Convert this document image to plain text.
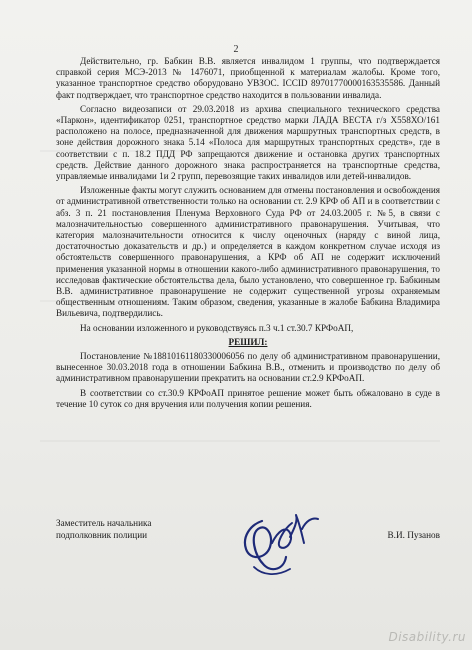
2

Действительно, гр. Бабкин В.В. является инвалидом 1 группы, что подтверждается справкой серия МСЭ-2013 № 1476071, приобщенной к материалам жалобы. Кроме того, указанное транспортное средство оборудовано УВЗОС. ICCID 89701770000163535586. Данный факт подтверждает, что транспортное средство находится в пользовании инвалида.

Согласно видеозаписи от 29.03.2018 из архива специального технического средства «Паркон», идентификатор 0251, транспортное средство марки ЛАДА ВЕСТА г/з Х558ХО/161 расположено на полосе, предназначенной для движения маршрутных транспортных средств, в зоне действия дорожного знака 5.14 «Полоса для маршрутных транспортных средств», где в соответствии с п. 18.2 ПДД РФ запрещаются движение и остановка других транспортных средств. Действие данного дорожного знака распространяется на транспортные средства, управляемые инвалидами 1и 2 групп, перевозящие таких инвалидов или детей-инвалидов.

Изложенные факты могут служить основанием для отмены постановления и освобождения от административной ответственности только на основании ст. 2.9 КРФ об АП и в соответствии с абз. 3 п. 21 постановления Пленума Верховного Суда РФ от 24.03.2005 г. №5, в связи с малозначительностью совершенного административного правонарушения. Учитывая, что категория малозначительности относится к числу оценочных (наряду с виной лица, достаточностью доказательств и др.) и определяется в каждом конкретном случае исходя из обстоятельств совершенного правонарушения, а КРФ об АП не содержит исключений применения указанной нормы в отношении какого-либо административного правонарушения, то исследовав фактические обстоятельства дела, было установлено, что совершенное гр. Бабкиным В.В. административное правонарушение не содержит существенной угрозы охраняемым общественным отношениям. Таким образом, сведения, указанные в жалобе Бабкина Владимира Вильевича, подтвердились.

На основании изложенного и руководствуясь п.3 ч.1 ст.30.7 КРФоАП,

РЕШИЛ:

Постановление №18810161180330006056 по делу об административном правонарушении, вынесенное 30.03.2018 года в отношении Бабкина В.В., отменить и производство по делу об административном правонарушении прекратить на основании ст.2.9 КРФоАП.

В соответствии со ст.30.9 КРФоАП принятое решение может быть обжаловано в суде в течение 10 суток со дня вручения или получения копии решения.

Заместитель начальника
подполковник полиции	В.И. Пузанов
Disability.ru
